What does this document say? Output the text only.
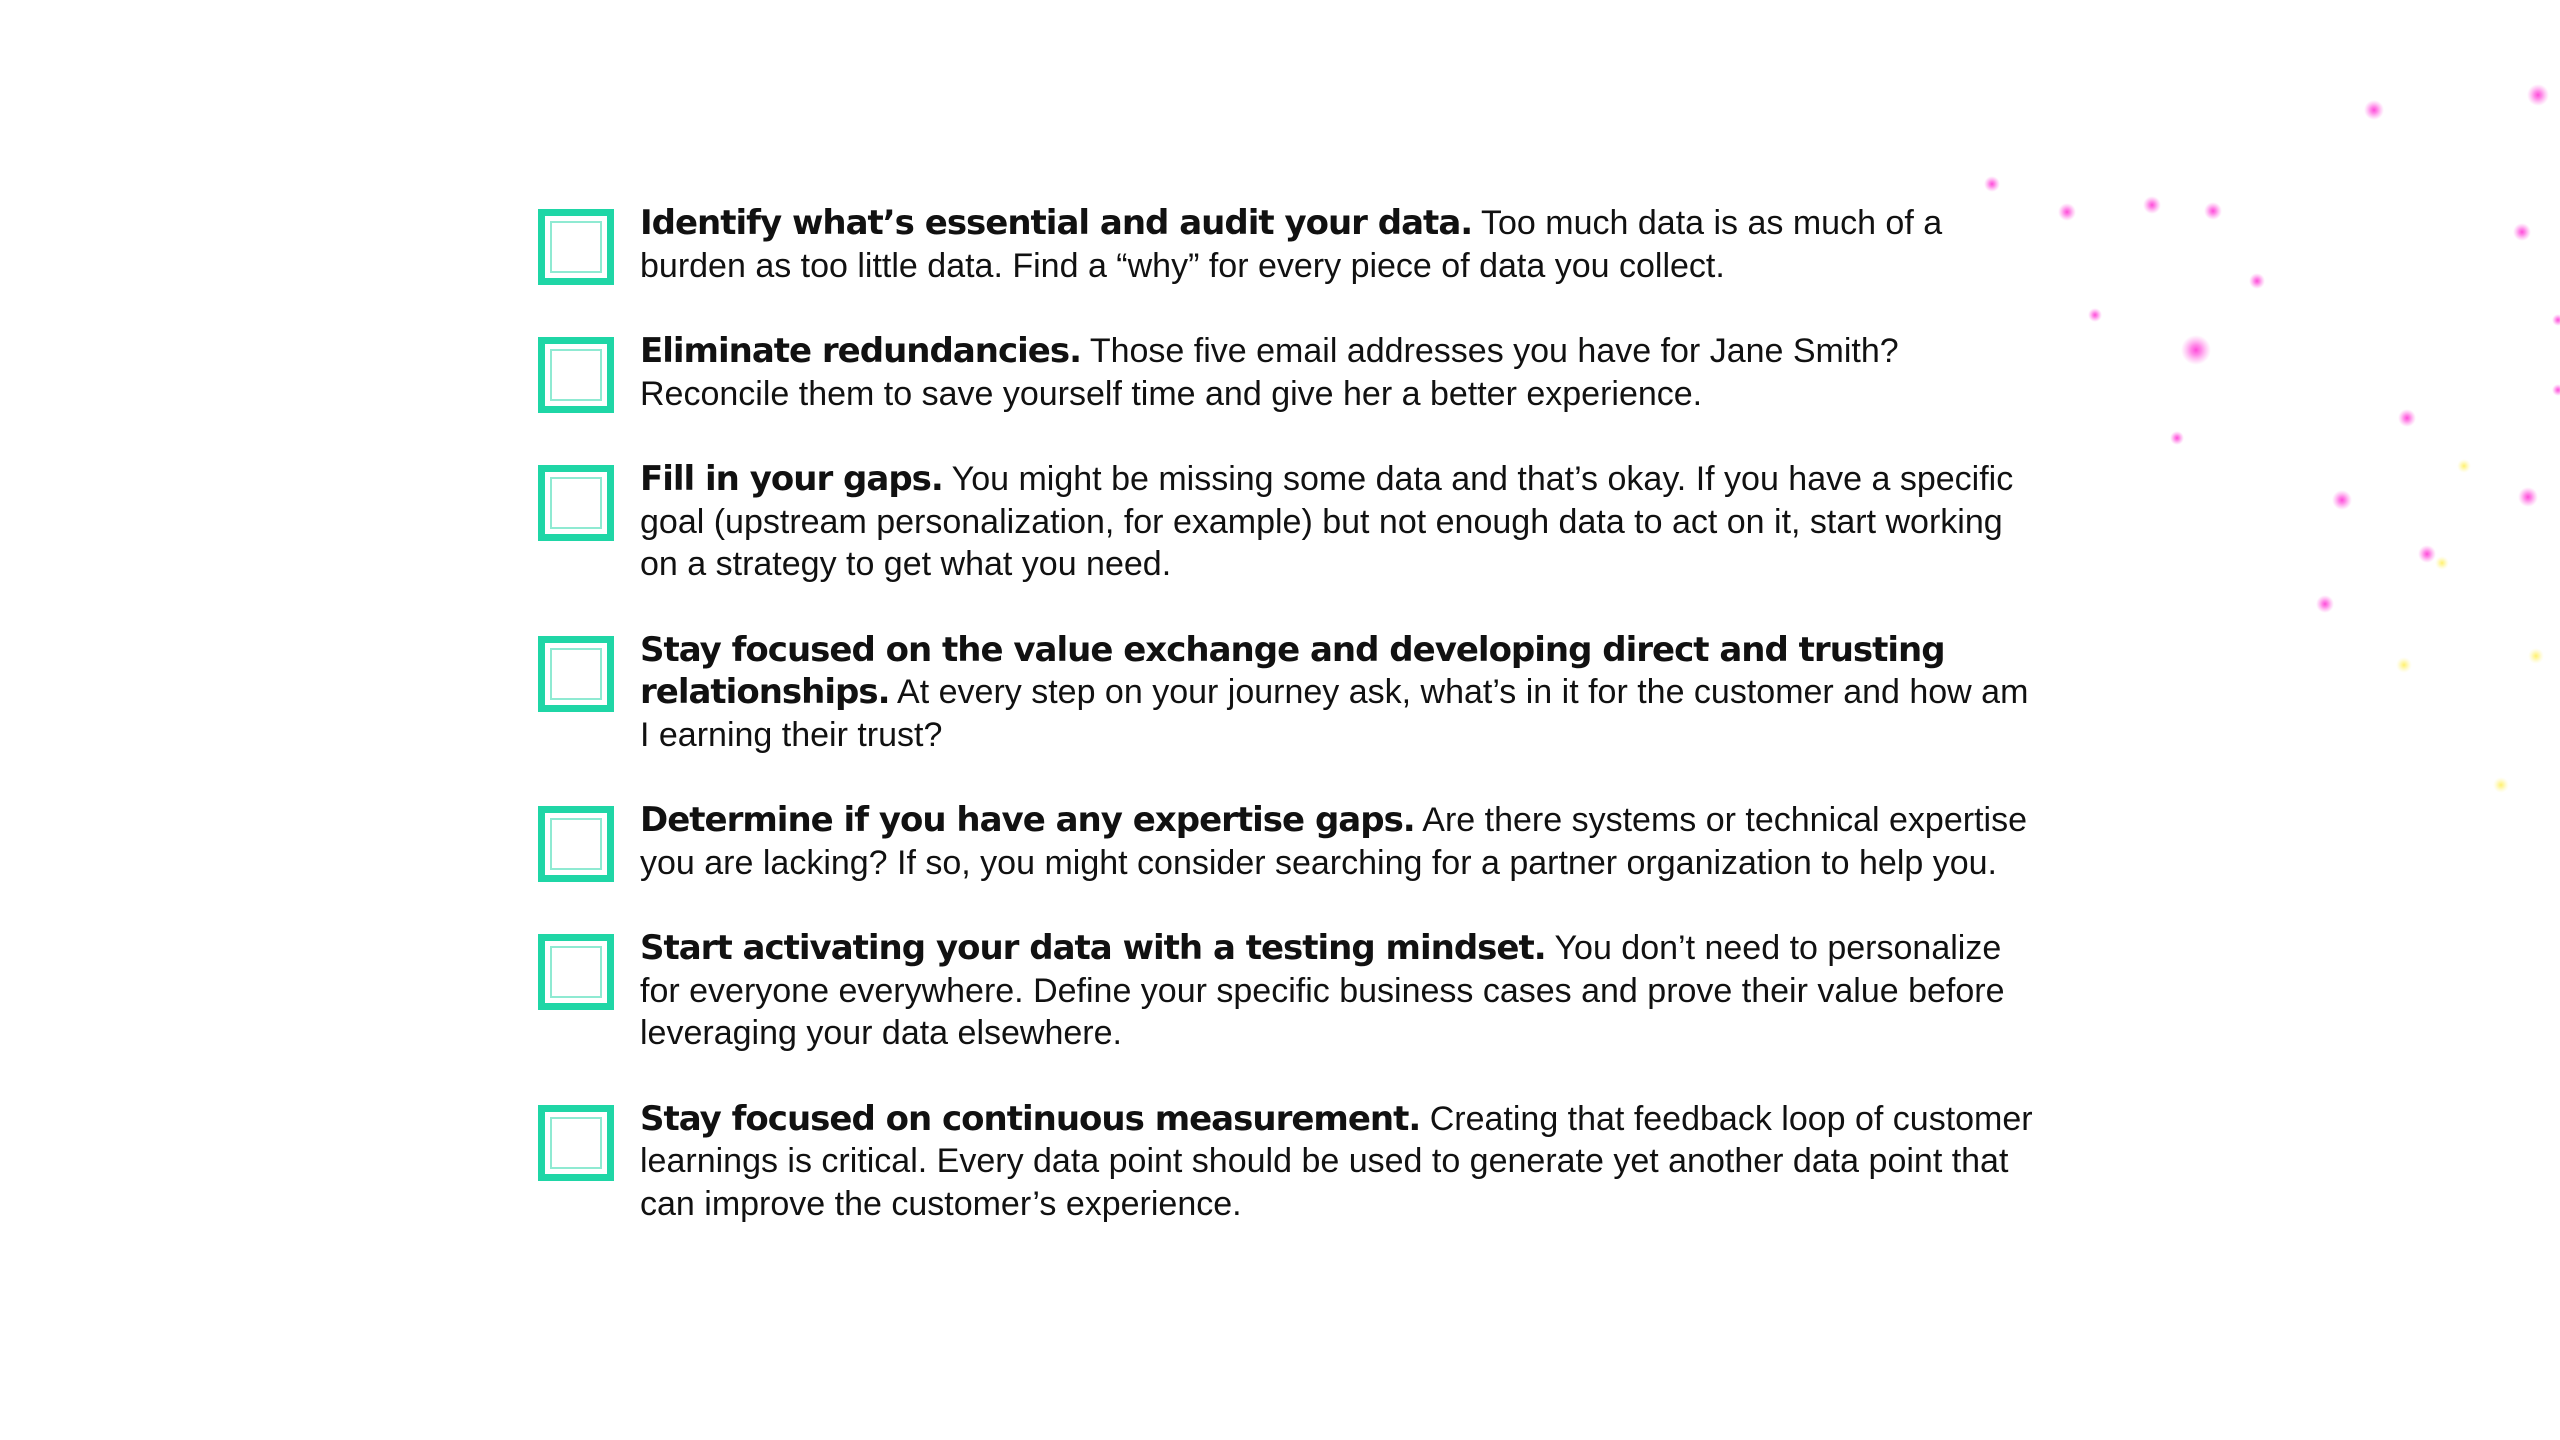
Identify what’s essential and audit your data. Too much data is as much of a burden as too little data. Find a “why” for every piece of data you collect.
Eliminate redundancies. Those five email addresses you have for Jane Smith? Reconcile them to save yourself time and give her a better experience.
Fill in your gaps. You might be missing some data and that’s okay. If you have a specific goal (upstream personalization, for example) but not enough data to act on it, start working on a strategy to get what you need.
Stay focused on the value exchange and developing direct and trusting relationships. At every step on your journey ask, what’s in it for the customer and how am I earning their trust?
Determine if you have any expertise gaps. Are there systems or technical expertise you are lacking? If so, you might consider searching for a partner organization to help you.
Start activating your data with a testing mindset. You don’t need to personalize for everyone everywhere. Define your specific business cases and prove their value before leveraging your data elsewhere.
Stay focused on continuous measurement. Creating that feedback loop of customer learnings is critical. Every data point should be used to generate yet another data point that can improve the customer’s experience.
